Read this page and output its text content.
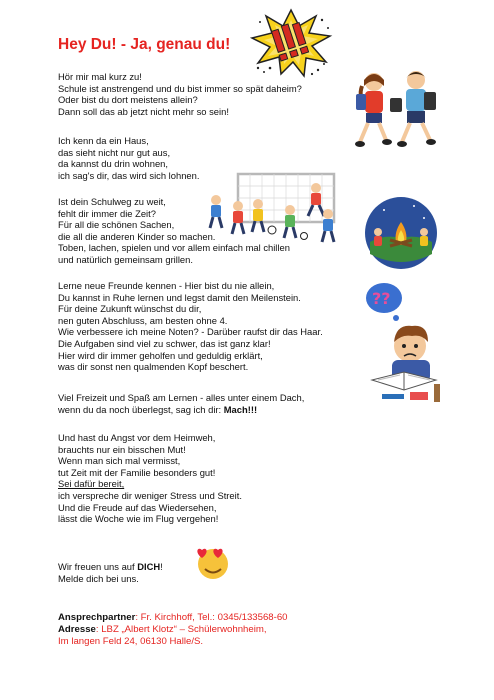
Hey Du! - Ja, genau du!
Hör mir mal kurz zu!
Schule ist anstrengend und du bist immer so spät daheim?
Oder bist du dort meistens allein?
Dann soll das ab jetzt nicht mehr so sein!
Ich kenn da ein Haus,
das sieht nicht nur gut aus,
da kannst du drin wohnen,
ich sag's dir, das wird sich lohnen.
Ist dein Schulweg zu weit,
fehlt dir immer die Zeit?
Für all die schönen Sachen,
die all die anderen Kinder so machen.
Toben, lachen, spielen und vor allem einfach mal chillen
und natürlich gemeinsam grillen.
Lerne neue Freunde kennen - Hier bist du nie allein,
Du kannst in Ruhe lernen und legst damit den Meilenstein.
Für deine Zukunft wünschst du dir,
nen guten Abschluss, am besten ohne 4.
Wie verbessere ich meine Noten? - Darüber raufst dir das Haar.
Die Aufgaben sind viel zu schwer, das ist ganz klar!
Hier wird dir immer geholfen und geduldig erklärt,
was dir sonst nen qualmenden Kopf beschert.
??
Viel Freizeit und Spaß am Lernen - alles unter einem Dach,
wenn du da noch überlegst, sag ich dir: Mach!!!
Und hast du Angst vor dem Heimweh,
brauchts nur ein bisschen Mut!
Wenn man sich mal vermisst,
tut Zeit mit der Familie besonders gut!
Sei dafür bereit,
ich verspreche dir weniger Stress und Streit.
Und die Freude auf das Wiedersehen,
lässt die Woche wie im Flug vergehen!
Wir freuen uns auf DICH!
Melde dich bei uns.
Ansprechpartner: Fr. Kirchhoff, Tel.: 0345/133568-60
Adresse: LBZ „Albert Klotz“ – Schülerwohnheim,
Im langen Feld 24, 06130 Halle/S.
